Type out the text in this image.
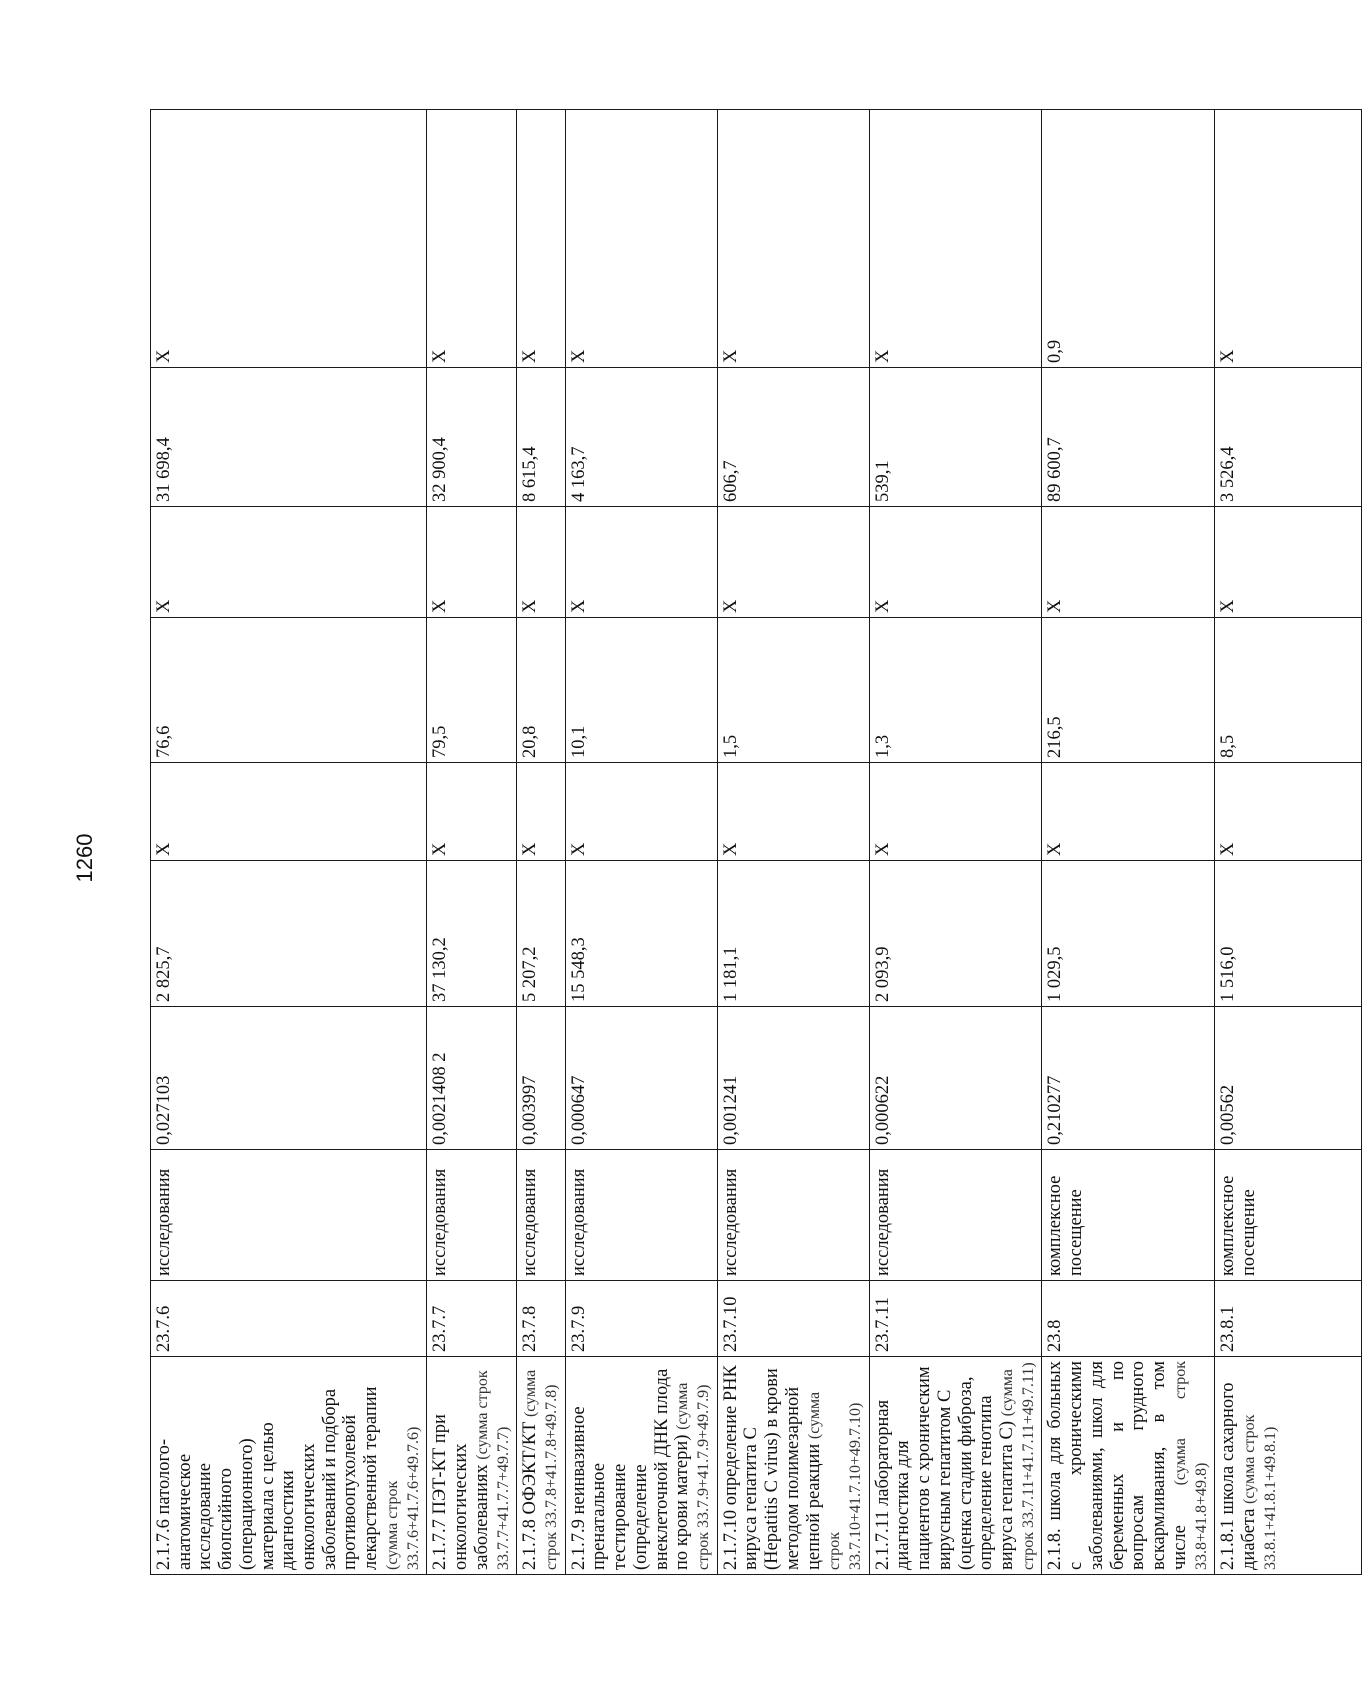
1260
2.1.7.6 патолого-анатомическое исследование биопсийного (операционного) материала с целью диагностики онкологических заболеваний и подбора противоопухолевой лекарственной терапии (сумма строк 33.7.6+41.7.6+49.7.6)	23.7.6	исследования	0,027103	2 825,7	X	76,6	X	31 698,4	X
2.1.7.7 ПЭТ-КТ при онкологических заболеваниях (сумма строк 33.7.7+41.7.7+49.7.7)	23.7.7	исследования	0,0021408 2	37 130,2	X	79,5	X	32 900,4	X
2.1.7.8 ОФЭКТ/КТ (сумма строк 33.7.8+41.7.8+49.7.8)	23.7.8	исследования	0,003997	5 207,2	X	20,8	X	8 615,4	X
2.1.7.9 неинвазивное пренатальное тестирование (определение внеклеточной ДНК плода по крови матери) (сумма строк 33.7.9+41.7.9+49.7.9)	23.7.9	исследования	0,000647	15 548,3	X	10,1	X	4 163,7	X
2.1.7.10 определение РНК вируса гепатита С (Hepatitis C virus) в крови методом полимезарной цепной реакции (сумма строк 33.7.10+41.7.10+49.7.10)	23.7.10	исследования	0,001241	1 181,1	X	1,5	X	606,7	X
2.1.7.11 лабораторная диагностика для пациентов с хроническим вирусным гепатитом С (оценка стадии фиброза, определение генотипа вируса гепатита С) (сумма строк 33.7.11+41.7.11+49.7.11)	23.7.11	исследования	0,000622	2 093,9	X	1,3	X	539,1	X
2.1.8. школа для больных с хроническими заболеваниями, школ для беременных и по вопросам грудного вскармливания, в том числе (сумма строк 33.8+41.8+49.8)	23.8	комплексное посещение	0,210277	1 029,5	X	216,5	X	89 600,7	0,9
2.1.8.1 школа сахарного диабета (сумма строк 33.8.1+41.8.1+49.8.1)	23.8.1	комплексное посещение	0,00562	1 516,0	X	8,5	X	3 526,4	X
